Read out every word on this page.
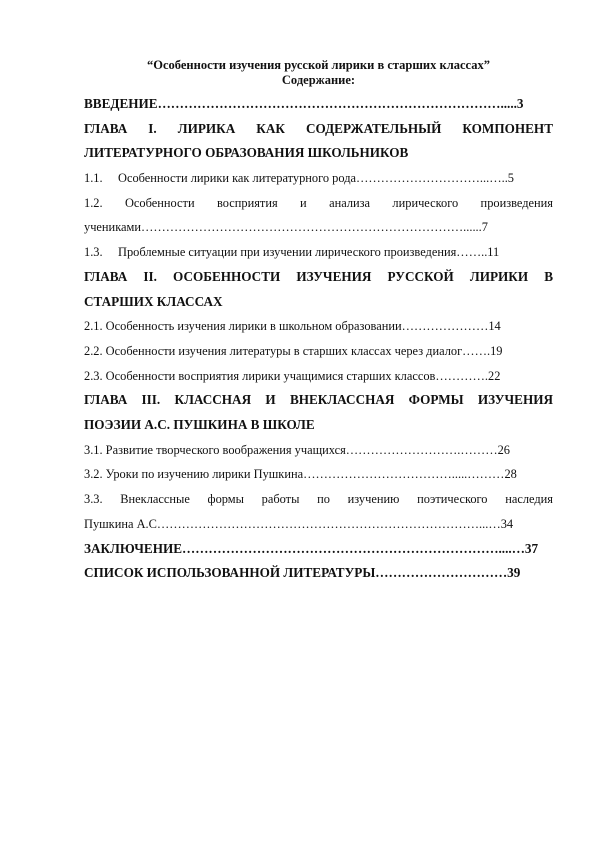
“Особенности изучения русской лирики в старших классах”
Содержание:
ВВЕДЕНИЕ…………………………………………………………………….....3
ГЛАВА I. ЛИРИКА КАК СОДЕРЖАТЕЛЬНЫЙ КОМПОНЕНТ
ЛИТЕРАТУРНОГО ОБРАЗОВАНИЯ ШКОЛЬНИКОВ
1.1.	Особенности лирики как литературного рода…………………………...…..5
1.2. Особенности восприятия и анализа лирического произведения
учениками……………………………………………………………………......7
1.3.	Проблемные ситуации при изучении лирического произведения……..11
ГЛАВА II. ОСОБЕННОСТИ ИЗУЧЕНИЯ РУССКОЙ ЛИРИКИ В
СТАРШИХ КЛАССАХ
2.1. Особенность изучения лирики в школьном образовании…………………14
2.2. Особенности изучения литературы в старших классах через диалог…….19
2.3. Особенности восприятия лирики учащимися старших классов………….22
ГЛАВА III. КЛАССНАЯ И ВНЕКЛАССНАЯ ФОРМЫ ИЗУЧЕНИЯ
ПОЭЗИИ А.С. ПУШКИНА В ШКОЛЕ
3.1. Развитие творческого воображения учащихся……………………….………26
3.2. Уроки по изучению лирики Пушкина……………………………….....………28
3.3. Внеклассные формы работы по изучению поэтического наследия
Пушкина А.С……………………………………………………………………...…34
ЗАКЛЮЧЕНИЕ………………………………………………………………....…37
СПИСОК ИСПОЛЬЗОВАННОЙ ЛИТЕРАТУРЫ…………………………39
